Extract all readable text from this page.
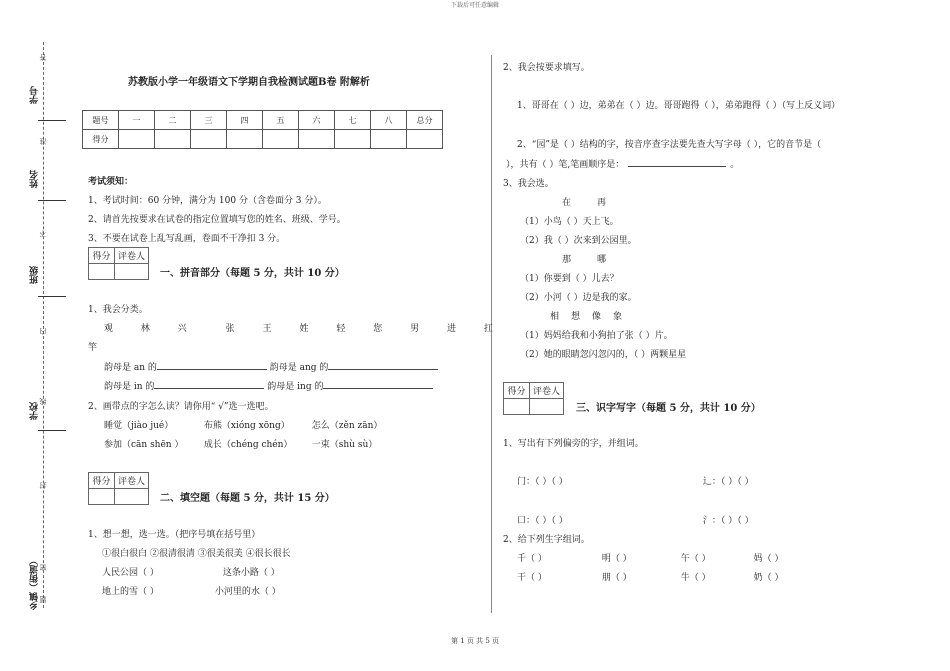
下载后可任意编辑
答
学号
准
姓名
不
班级
内
线
学校
封
密
乡镇（街道） 题
苏教版小学一年级语文下学期自我检测试题B卷 附解析
题号	一	二	三	四	五	六	七	八	总分
得分									
考试须知：
1、考试时间：60 分钟，满分为 100 分（含卷面分 3 分）。
2、请首先按要求在试卷的指定位置填写您的姓名、班级、学号。
3、不要在试卷上乱写乱画，卷面不干净扣 3 分。
得分	评卷人

一、拼音部分（每题 5 分，共计 10 分）
1、我会分类。
观	林	兴	张	王	姓	轻	您	男	进	扛
竿
韵母是 an 的	韵母是 ang 的
韵母是 in 的	韵母是 ing 的
2、画带点的字怎么读？请你用“ √”选一选吧。
睡觉（jiào jué）	布熊（xióng xōng） 怎么（zěn zān）
参加（cān shēn ） 成长（chéng chén） 一束（shù sù）
得分	评卷人

二、填空题（每题 5 分，共计 15 分）
1、想一想，选一选。（把序号填在括号里）
①很白很白 ②很清很清 ③很美很美 ④很长很长
人民公园（ ）	这条小路（ ）
地上的雪（ ）	小河里的水（ ）
2、我会按要求填写。
1、哥哥在（ ）边，弟弟在（ ）边。哥哥跑得（ ），弟弟跑得（ ）（写上反义词）
2、“园”是（ ）结构的字，按音序查字法要先查大写字母（ ），它的音节是（
），共有（ ）笔,笔画顺序是：	。
3、我会选。
在	再
（1）小鸟（ ）天上飞。
（2）我（ ）次来到公园里。
那	哪
（1）你要到（ ）儿去？
（2）小河（ ）边是我的家。
相 想 像 象
（1）妈妈给我和小狗拍了张（ ）片。
（2）她的眼睛忽闪忽闪的，（ ）两颗星星
得分	评卷人

三、识字写字（每题 5 分，共计 10 分）
1、写出有下列偏旁的字，并组词。
门：（ ）（ ）	辶：（ ）（ ）
口：（ ）（ ）	氵：（ ）（ ）
2、给下列生字组词。
千（ ）	明（ ）	午（ ）	妈（ ）
干（ ）	朋（ ）	牛（ ）	奶（ ）
第 1 页 共 5 页
